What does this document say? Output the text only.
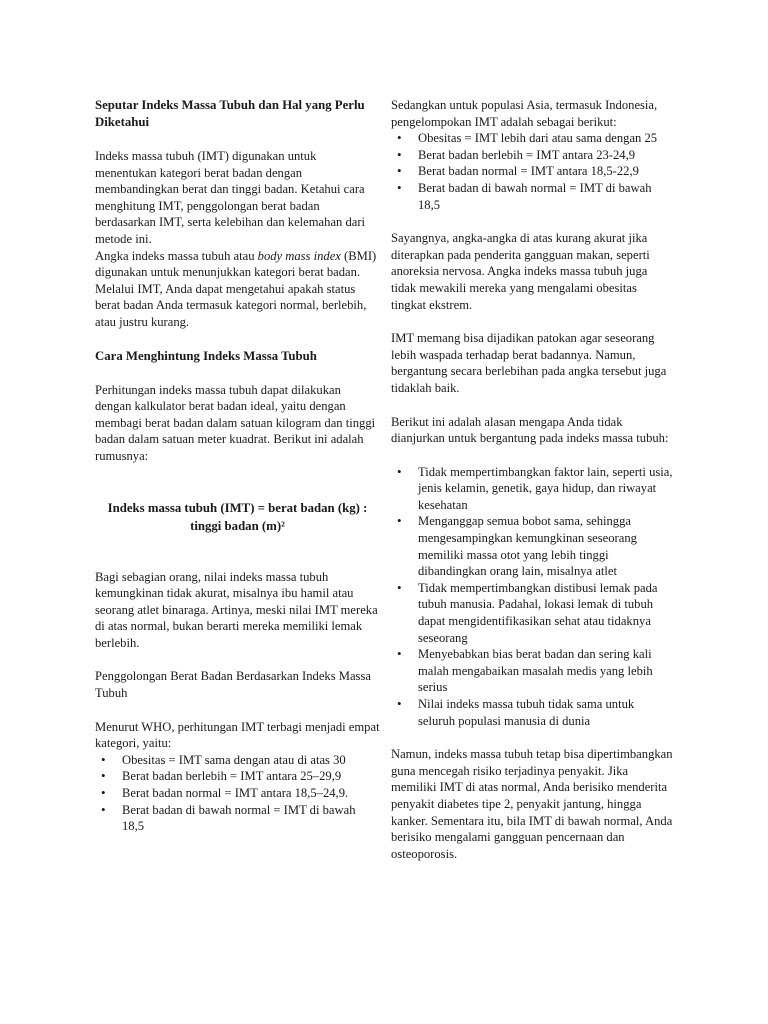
Seputar Indeks Massa Tubuh dan Hal yang Perlu Diketahui

Indeks massa tubuh (IMT) digunakan untuk menentukan kategori berat badan dengan membandingkan berat dan tinggi badan. Ketahui cara menghitung IMT, penggolongan berat badan berdasarkan IMT, serta kelebihan dan kelemahan dari metode ini.

Angka indeks massa tubuh atau body mass index (BMI) digunakan untuk menunjukkan kategori berat badan. Melalui IMT, Anda dapat mengetahui apakah status berat badan Anda termasuk kategori normal, berlebih, atau justru kurang.

Cara Menghintung Indeks Massa Tubuh

Perhitungan indeks massa tubuh dapat dilakukan dengan kalkulator berat badan ideal, yaitu dengan membagi berat badan dalam satuan kilogram dan tinggi badan dalam satuan meter kuadrat. Berikut ini adalah rumusnya:

Indeks massa tubuh (IMT) = berat badan (kg) : tinggi badan (m)²

Bagi sebagian orang, nilai indeks massa tubuh kemungkinan tidak akurat, misalnya ibu hamil atau seorang atlet binaraga. Artinya, meski nilai IMT mereka di atas normal, bukan berarti mereka memiliki lemak berlebih.

Penggolongan Berat Badan Berdasarkan Indeks Massa Tubuh

Menurut WHO, perhitungan IMT terbagi menjadi empat kategori, yaitu:

• Obesitas = IMT sama dengan atau di atas 30
• Berat badan berlebih = IMT antara 25–29,9
• Berat badan normal = IMT antara 18,5–24,9.
• Berat badan di bawah normal = IMT di bawah 18,5

Sedangkan untuk populasi Asia, termasuk Indonesia, pengelompokan IMT adalah sebagai berikut:

• Obesitas = IMT lebih dari atau sama dengan 25
• Berat badan berlebih = IMT antara 23-24,9
• Berat badan normal = IMT antara 18,5-22,9
• Berat badan di bawah normal = IMT di bawah 18,5

Sayangnya, angka-angka di atas kurang akurat jika diterapkan pada penderita gangguan makan, seperti anoreksia nervosa. Angka indeks massa tubuh juga tidak mewakili mereka yang mengalami obesitas tingkat ekstrem.

IMT memang bisa dijadikan patokan agar seseorang lebih waspada terhadap berat badannya. Namun, bergantung secara berlebihan pada angka tersebut juga tidaklah baik.

Berikut ini adalah alasan mengapa Anda tidak dianjurkan untuk bergantung pada indeks massa tubuh:

• Tidak mempertimbangkan faktor lain, seperti usia, jenis kelamin, genetik, gaya hidup, dan riwayat kesehatan
• Menganggap semua bobot sama, sehingga mengesampingkan kemungkinan seseorang memiliki massa otot yang lebih tinggi dibandingkan orang lain, misalnya atlet
• Tidak mempertimbangkan distibusi lemak pada tubuh manusia. Padahal, lokasi lemak di tubuh dapat mengidentifikasikan sehat atau tidaknya seseorang
• Menyebabkan bias berat badan dan sering kali malah mengabaikan masalah medis yang lebih serius
• Nilai indeks massa tubuh tidak sama untuk seluruh populasi manusia di dunia

Namun, indeks massa tubuh tetap bisa dipertimbangkan guna mencegah risiko terjadinya penyakit. Jika memiliki IMT di atas normal, Anda berisiko menderita penyakit diabetes tipe 2, penyakit jantung, hingga kanker. Sementara itu, bila IMT di bawah normal, Anda berisiko mengalami gangguan pencernaan dan osteoporosis.
